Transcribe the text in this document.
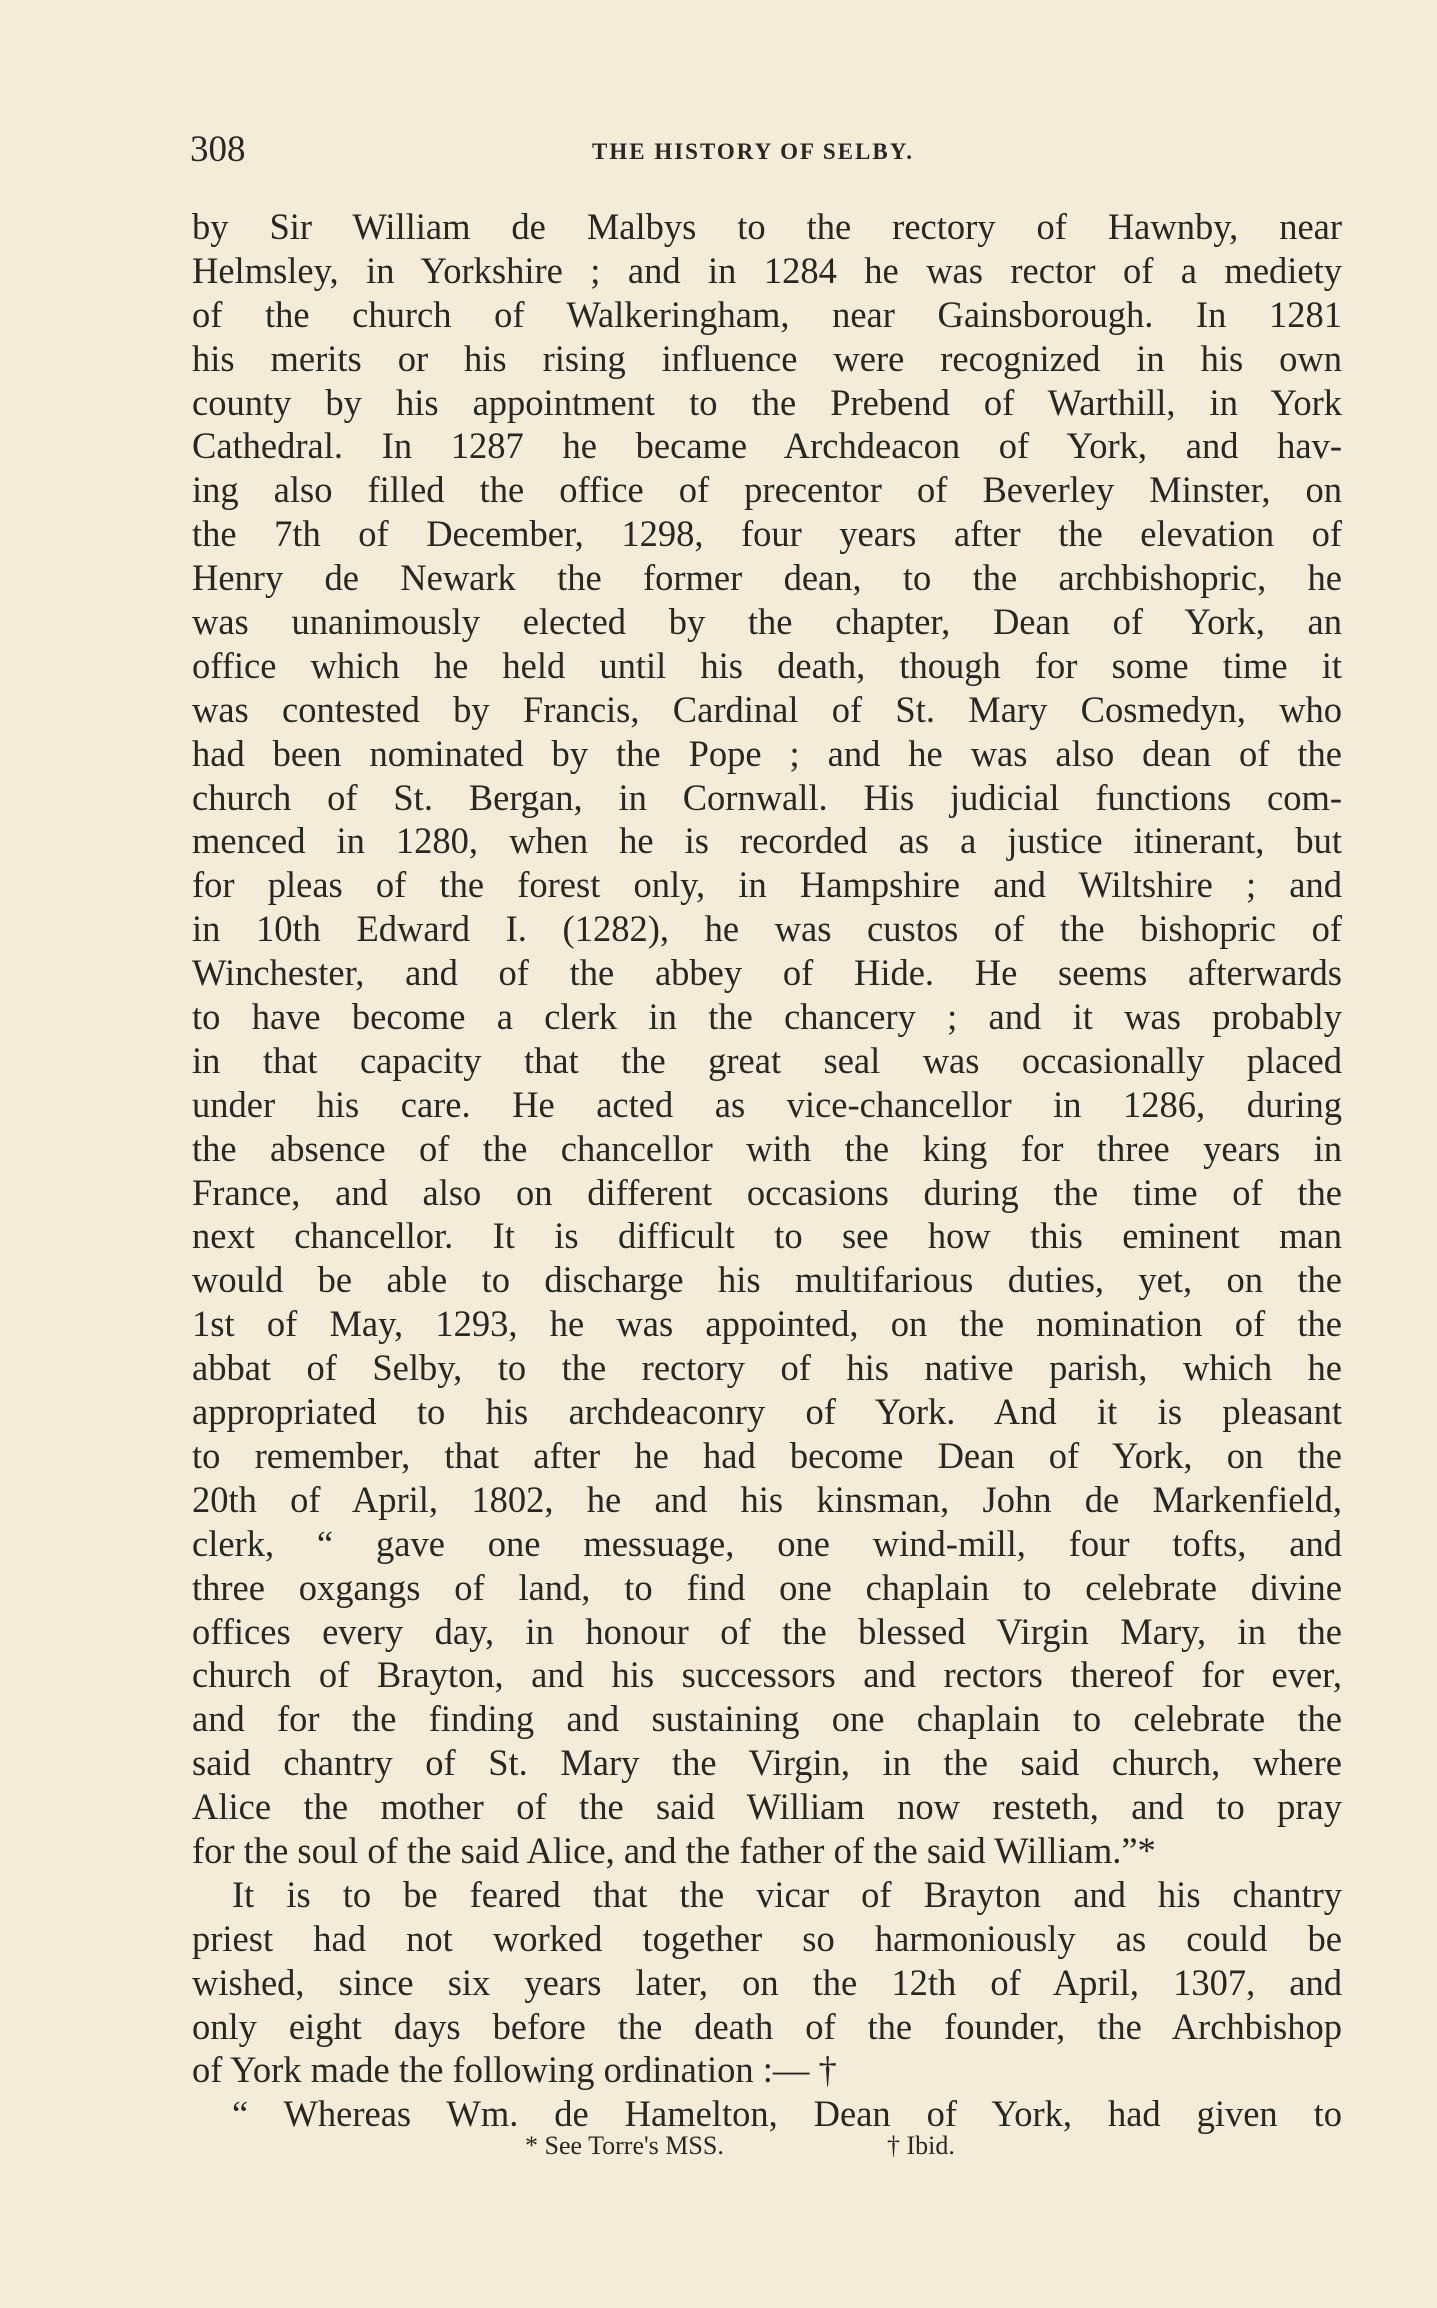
308	THE HISTORY OF SELBY.
by Sir William de Malbys to the rectory of Hawnby, near
Helmsley, in Yorkshire ; and in 1284 he was rector of a mediety
of the church of Walkeringham, near Gainsborough. In 1281
his merits or his rising influence were recognized in his own
county by his appointment to the Prebend of Warthill, in York
Cathedral. In 1287 he became Archdeacon of York, and hav-
ing also filled the office of precentor of Beverley Minster, on
the 7th of December, 1298, four years after the elevation of
Henry de Newark the former dean, to the archbishopric, he
was unanimously elected by the chapter, Dean of York, an
office which he held until his death, though for some time it
was contested by Francis, Cardinal of St. Mary Cosmedyn, who
had been nominated by the Pope ; and he was also dean of the
church of St. Bergan, in Cornwall. His judicial functions com-
menced in 1280, when he is recorded as a justice itinerant, but
for pleas of the forest only, in Hampshire and Wiltshire ; and
in 10th Edward I. (1282), he was custos of the bishopric of
Winchester, and of the abbey of Hide. He seems afterwards
to have become a clerk in the chancery ; and it was probably
in that capacity that the great seal was occasionally placed
under his care. He acted as vice-chancellor in 1286, during
the absence of the chancellor with the king for three years in
France, and also on different occasions during the time of the
next chancellor. It is difficult to see how this eminent man
would be able to discharge his multifarious duties, yet, on the
1st of May, 1293, he was appointed, on the nomination of the
abbat of Selby, to the rectory of his native parish, which he
appropriated to his archdeaconry of York. And it is pleasant
to remember, that after he had become Dean of York, on the
20th of April, 1802, he and his kinsman, John de Markenfield,
clerk, “ gave one messuage, one wind-mill, four tofts, and
three oxgangs of land, to find one chaplain to celebrate divine
offices every day, in honour of the blessed Virgin Mary, in the
church of Brayton, and his successors and rectors thereof for ever,
and for the finding and sustaining one chaplain to celebrate the
said chantry of St. Mary the Virgin, in the said church, where
Alice the mother of the said William now resteth, and to pray
for the soul of the said Alice, and the father of the said William.”*
It is to be feared that the vicar of Brayton and his chantry
priest had not worked together so harmoniously as could be
wished, since six years later, on the 12th of April, 1307, and
only eight days before the death of the founder, the Archbishop
of York made the following ordination :— †
“ Whereas Wm. de Hamelton, Dean of York, had given to
* See Torre's MSS.	† Ibid.
